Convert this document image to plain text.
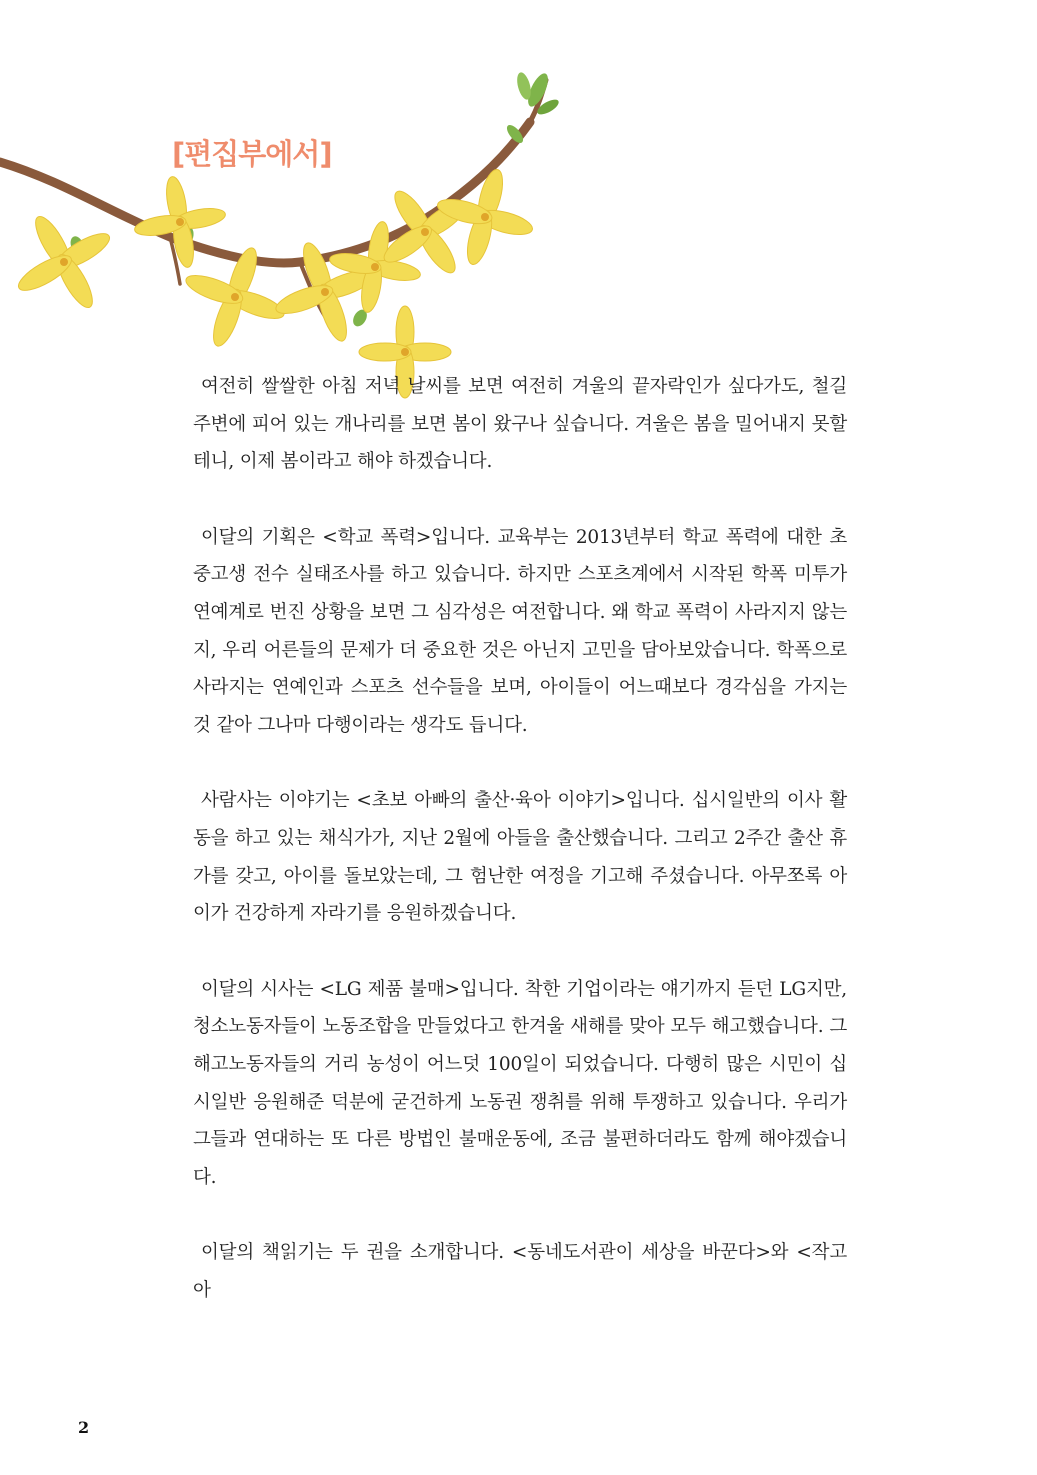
[편집부에서]

여전히 쌀쌀한 아침 저녁 날씨를 보면 여전히 겨울의 끝자락인가 싶다가도, 철길 주변에 피어 있는 개나리를 보면 봄이 왔구나 싶습니다. 겨울은 봄을 밀어내지 못할테니, 이제 봄이라고 해야 하겠습니다.

이달의 기획은 <학교 폭력>입니다. 교육부는 2013년부터 학교 폭력에 대한 초중고생 전수 실태조사를 하고 있습니다. 하지만 스포츠계에서 시작된 학폭 미투가 연예계로 번진 상황을 보면 그 심각성은 여전합니다. 왜 학교 폭력이 사라지지 않는지, 우리 어른들의 문제가 더 중요한 것은 아닌지 고민을 담아보았습니다. 학폭으로 사라지는 연예인과 스포츠 선수들을 보며, 아이들이 어느때보다 경각심을 가지는 것 같아 그나마 다행이라는 생각도 듭니다.

사람사는 이야기는 <초보 아빠의 출산·육아 이야기>입니다. 십시일반의 이사 활동을 하고 있는 채식가가, 지난 2월에 아들을 출산했습니다. 그리고 2주간 출산 휴가를 갖고, 아이를 돌보았는데, 그 험난한 여정을 기고해 주셨습니다. 아무쪼록 아이가 건강하게 자라기를 응원하겠습니다.

이달의 시사는 <LG 제품 불매>입니다. 착한 기업이라는 얘기까지 듣던 LG지만, 청소노동자들이 노동조합을 만들었다고 한겨울 새해를 맞아 모두 해고했습니다. 그 해고노동자들의 거리 농성이 어느덧 100일이 되었습니다. 다행히 많은 시민이 십시일반 응원해준 덕분에 굳건하게 노동권 쟁취를 위해 투쟁하고 있습니다. 우리가 그들과 연대하는 또 다른 방법인 불매운동에, 조금 불편하더라도 함께 해야겠습니다.

이달의 책읽기는 두 권을 소개합니다. <동네도서관이 세상을 바꾼다>와 <작고 아

2
